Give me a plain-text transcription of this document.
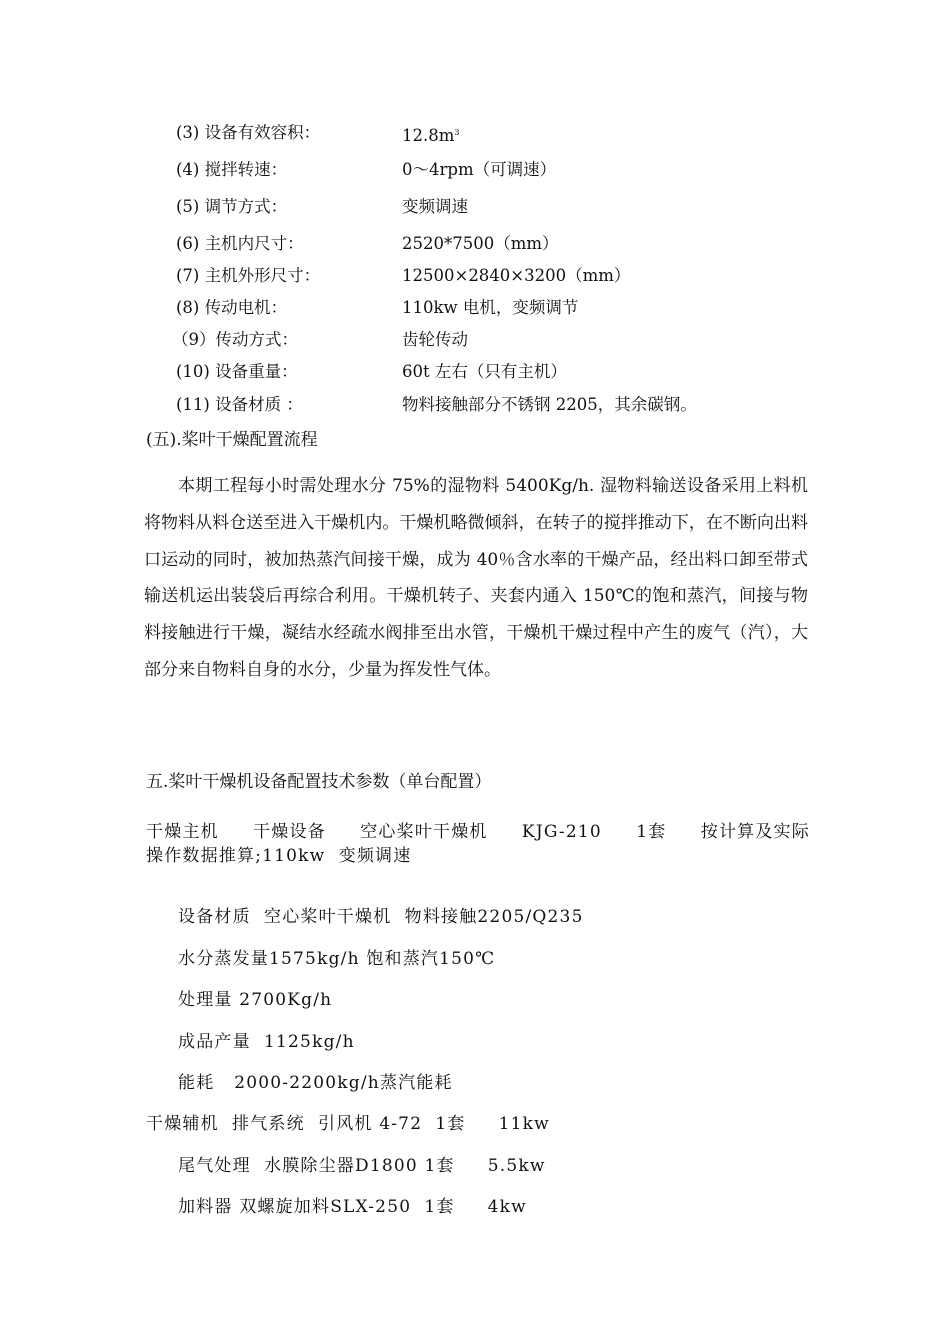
(3) 设备有效容积：	$12.8m^3$
(4) 搅拌转速：	0～4rpm（可调速）
(5) 调节方式：	变频调速
(6) 主机内尺寸：	2520*7500（mm）
(7) 主机外形尺寸：	12500×2840×3200（mm）
(8) 传动电机：	110kw 电机，变频调节
（9）传动方式：	齿轮传动
(10) 设备重量：	60t 左右（只有主机）
(11) 设备材质 ：	物料接触部分不锈钢 2205，其余碳钢。
(五).桨叶干燥配置流程
本期工程每小时需处理水分 75%的湿物料 5400Kg/h. 湿物料输送设备采用上料机将物料从料仓送至进入干燥机内。干燥机略微倾斜，在转子的搅拌推动下，在不断向出料口运动的同时，被加热蒸汽间接干燥，成为 40％含水率的干燥产品，经出料口卸至带式输送机运出装袋后再综合利用。干燥机转子、夹套内通入 150℃的饱和蒸汽，间接与物料接触进行干燥，凝结水经疏水阀排至出水管，干燥机干燥过程中产生的废气（汽），大部分来自物料自身的水分，少量为挥发性气体。
五.桨叶干燥机设备配置技术参数（单台配置）
干燥主机 干燥设备 空心桨叶干燥机 KJG-210 1套 按计算及实际
操作数据推算;110kw  变频调速
设备材质  空心桨叶干燥机  物料接触2205/Q235
水分蒸发量1575kg/h 饱和蒸汽150℃
处理量 2700Kg/h
成品产量  1125kg/h
能耗   2000-2200kg/h蒸汽能耗
干燥辅机  排气系统  引风机 4-72  1套     11kw
尾气处理  水膜除尘器D1800 1套     5.5kw
加料器 双螺旋加料SLX-250  1套     4kw
